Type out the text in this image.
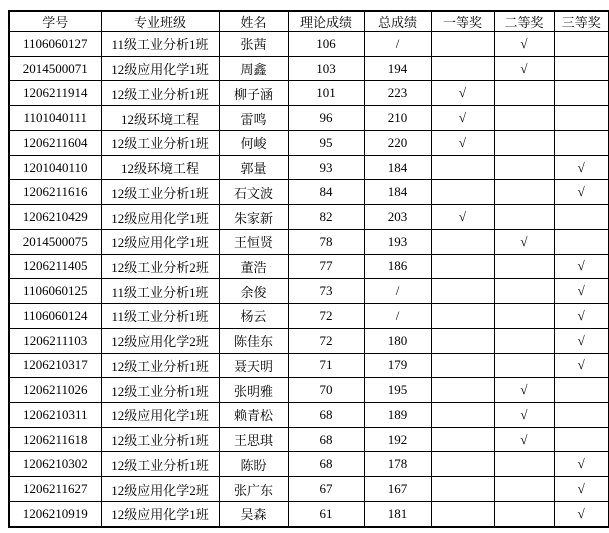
学号	专业班级	姓名	理论成绩	总成绩	一等奖	二等奖	三等奖
1106060127	11级工业分析1班	张茜	106	/		√	
2014500071	12级应用化学1班	周鑫	103	194		√	
1206211914	12级工业分析1班	柳子涵	101	223	√		
1101040111	12级环境工程	雷鸣	96	210	√		
1206211604	12级工业分析1班	何峻	95	220	√		
1201040110	12级环境工程	郭量	93	184			√
1206211616	12级工业分析1班	石文波	84	184			√
1206210429	12级应用化学1班	朱家新	82	203	√		
2014500075	12级应用化学1班	王恒贤	78	193		√	
1206211405	12级工业分析2班	董浩	77	186			√
1106060125	11级工业分析1班	余俊	73	/			√
1106060124	11级工业分析1班	杨云	72	/			√
1206211103	12级应用化学2班	陈佳东	72	180			√
1206210317	12级工业分析1班	聂天明	71	179			√
1206211026	12级工业分析1班	张明雅	70	195		√	
1206210311	12级应用化学1班	赖青松	68	189		√	
1206211618	12级工业分析1班	王思琪	68	192		√	
1206210302	12级工业分析1班	陈盼	68	178			√
1206211627	12级应用化学2班	张广东	67	167			√
1206210919	12级应用化学1班	吴森	61	181			√
